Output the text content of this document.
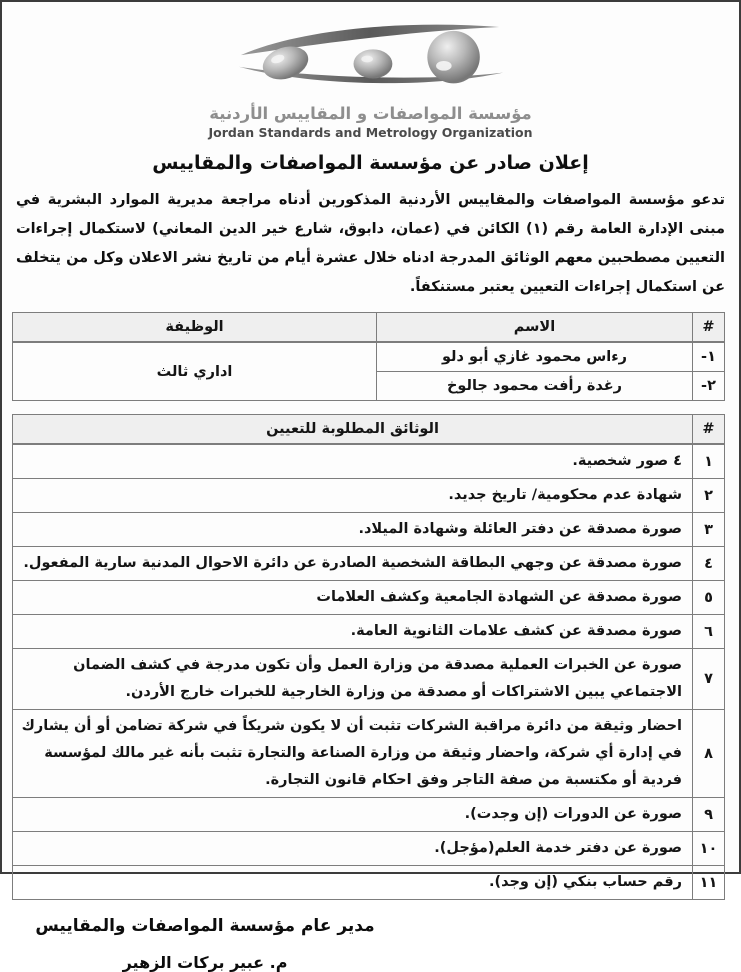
مؤسسة المواصفات و المقاييس الأردنية
Jordan Standards and Metrology Organization
إعلان صادر عن مؤسسة المواصفات والمقاييس

تدعو مؤسسة المواصفات والمقاييس الأردنية المذكورين أدناه مراجعة مديرية الموارد البشرية في مبنى الإدارة العامة رقم (١) الكائن في (عمان، دابوق، شارع خير الدين المعاني) لاستكمال إجراءات التعيين مصطحبين معهم الوثائق المدرجة ادناه خلال عشرة أيام من تاريخ نشر الاعلان وكل من يتخلف عن استكمال إجراءات التعيين يعتبر مستنكفاً.

#	الاسم	الوظيفة
١-	رءاس محمود غازي أبو دلو	اداري ثالث
٢-	رغدة رأفت محمود جالوخ	
#	الوثائق المطلوبة للتعيين
١	٤ صور شخصية.
٢	شهادة عدم محكومية/ تاريخ جديد.
٣	صورة مصدقة عن دفتر العائلة وشهادة الميلاد.
٤	صورة مصدقة عن وجهي البطاقة الشخصية الصادرة عن دائرة الاحوال المدنية سارية المفعول.
٥	صورة مصدقة عن الشهادة الجامعية وكشف العلامات
٦	صورة مصدقة عن كشف علامات الثانوية العامة.
٧	صورة عن الخبرات العملية مصدقة من وزارة العمل وأن تكون مدرجة في كشف الضمان الاجتماعي يبين الاشتراكات أو مصدقة من وزارة الخارجية للخبرات خارج الأردن.
٨	احضار وثيقة من دائرة مراقبة الشركات تثبت أن لا يكون شريكاً في شركة تضامن أو أن يشارك في إدارة أي شركة، واحضار وثيقة من وزارة الصناعة والتجارة تثبت بأنه غير مالك لمؤسسة فردية أو مكتسبة من صفة التاجر وفق احكام قانون التجارة.
٩	صورة عن الدورات (إن وجدت).
١٠	صورة عن دفتر خدمة العلم(مؤجل).
١١	رقم حساب بنكي (إن وجد).
مدير عام مؤسسة المواصفات والمقاييس
م. عبير بركات الزهير
